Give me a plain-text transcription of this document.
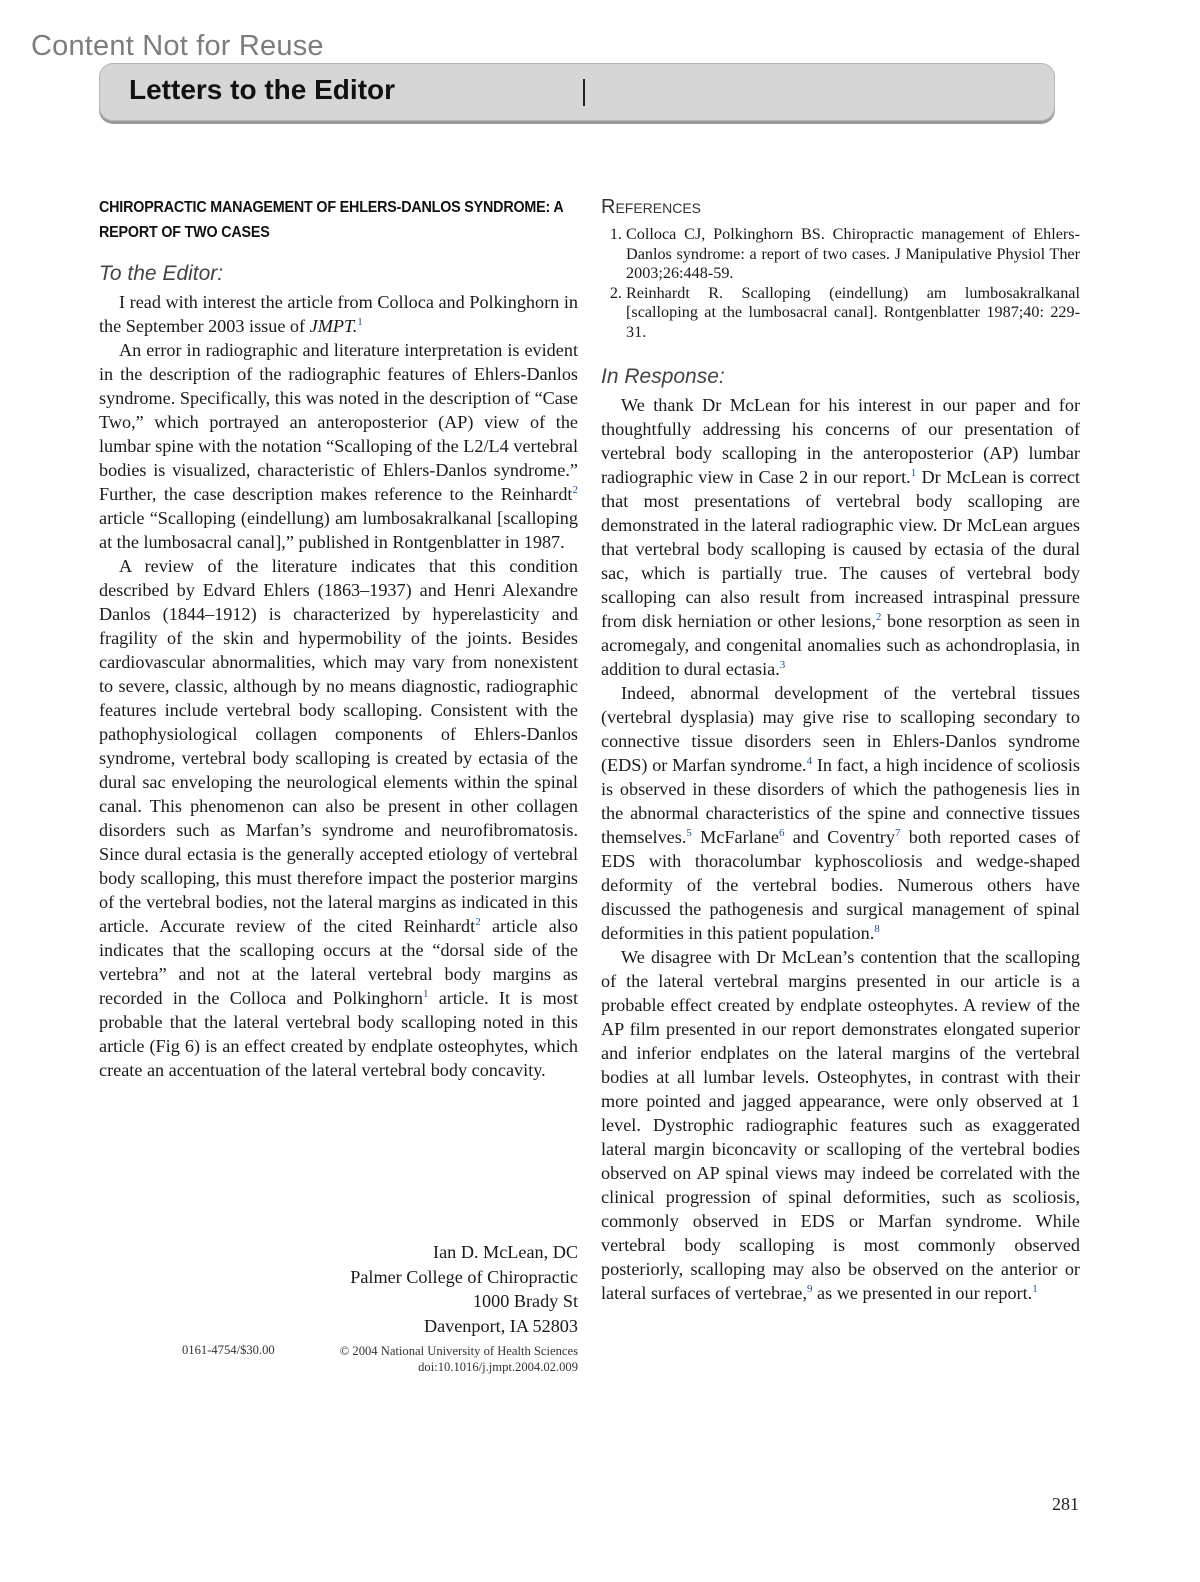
Content Not for Reuse
Letters to the Editor
CHIROPRACTIC MANAGEMENT OF EHLERS-DANLOS SYNDROME: A REPORT OF TWO CASES
To the Editor:

I read with interest the article from Colloca and Polkinghorn in the September 2003 issue of JMPT.$^1$

An error in radiographic and literature interpretation is evident in the description of the radiographic features of Ehlers-Danlos syndrome. Specifically, this was noted in the description of “Case Two,” which portrayed an anteroposterior (AP) view of the lumbar spine with the notation “Scalloping of the L2/L4 vertebral bodies is visualized, characteristic of Ehlers-Danlos syndrome.” Further, the case description makes reference to the Reinhardt$^2$ article “Scalloping (eindellung) am lumbosakralkanal [scalloping at the lumbosacral canal],” published in Rontgenblatter in 1987.

A review of the literature indicates that this condition described by Edvard Ehlers (1863–1937) and Henri Alexandre Danlos (1844–1912) is characterized by hyperelasticity and fragility of the skin and hypermobility of the joints. Besides cardiovascular abnormalities, which may vary from nonexistent to severe, classic, although by no means diagnostic, radiographic features include vertebral body scalloping. Consistent with the pathophysiological collagen components of Ehlers-Danlos syndrome, vertebral body scalloping is created by ectasia of the dural sac enveloping the neurological elements within the spinal canal. This phenomenon can also be present in other collagen disorders such as Marfan’s syndrome and neurofibromatosis. Since dural ectasia is the generally accepted etiology of vertebral body scalloping, this must therefore impact the posterior margins of the vertebral bodies, not the lateral margins as indicated in this article. Accurate review of the cited Reinhardt$^2$ article also indicates that the scalloping occurs at the “dorsal side of the vertebra” and not at the lateral vertebral body margins as recorded in the Colloca and Polkinghorn$^1$ article. It is most probable that the lateral vertebral body scalloping noted in this article (Fig 6) is an effect created by endplate osteophytes, which create an accentuation of the lateral vertebral body concavity.

Ian D. McLean, DC
Palmer College of Chiropractic
1000 Brady St
Davenport, IA 52803
0161-4754/$30.00	© 2004 National University of Health Sciences
doi:10.1016/j.jmpt.2004.02.009
References
1. Colloca CJ, Polkinghorn BS. Chiropractic management of Ehlers-Danlos syndrome: a report of two cases. J Manipulative Physiol Ther 2003;26:448-59.
2. Reinhardt R. Scalloping (eindellung) am lumbosakralkanal [scalloping at the lumbosacral canal]. Rontgenblatter 1987;40: 229-31.
In Response:

We thank Dr McLean for his interest in our paper and for thoughtfully addressing his concerns of our presentation of vertebral body scalloping in the anteroposterior (AP) lumbar radiographic view in Case 2 in our report.$^1$ Dr McLean is correct that most presentations of vertebral body scalloping are demonstrated in the lateral radiographic view. Dr McLean argues that vertebral body scalloping is caused by ectasia of the dural sac, which is partially true. The causes of vertebral body scalloping can also result from increased intraspinal pressure from disk herniation or other lesions,$^2$ bone resorption as seen in acromegaly, and congenital anomalies such as achondroplasia, in addition to dural ectasia.$^3$

Indeed, abnormal development of the vertebral tissues (vertebral dysplasia) may give rise to scalloping secondary to connective tissue disorders seen in Ehlers-Danlos syndrome (EDS) or Marfan syndrome.$^4$ In fact, a high incidence of scoliosis is observed in these disorders of which the pathogenesis lies in the abnormal characteristics of the spine and connective tissues themselves.$^5$ McFarlane$^6$ and Coventry$^7$ both reported cases of EDS with thoracolumbar kyphoscoliosis and wedge-shaped deformity of the vertebral bodies. Numerous others have discussed the pathogenesis and surgical management of spinal deformities in this patient population.$^8$

We disagree with Dr McLean’s contention that the scalloping of the lateral vertebral margins presented in our article is a probable effect created by endplate osteophytes. A review of the AP film presented in our report demonstrates elongated superior and inferior endplates on the lateral margins of the vertebral bodies at all lumbar levels. Osteophytes, in contrast with their more pointed and jagged appearance, were only observed at 1 level. Dystrophic radiographic features such as exaggerated lateral margin biconcavity or scalloping of the vertebral bodies observed on AP spinal views may indeed be correlated with the clinical progression of spinal deformities, such as scoliosis, commonly observed in EDS or Marfan syndrome. While vertebral body scalloping is most commonly observed posteriorly, scalloping may also be observed on the anterior or lateral surfaces of vertebrae,$^9$ as we presented in our report.$^1$

281
